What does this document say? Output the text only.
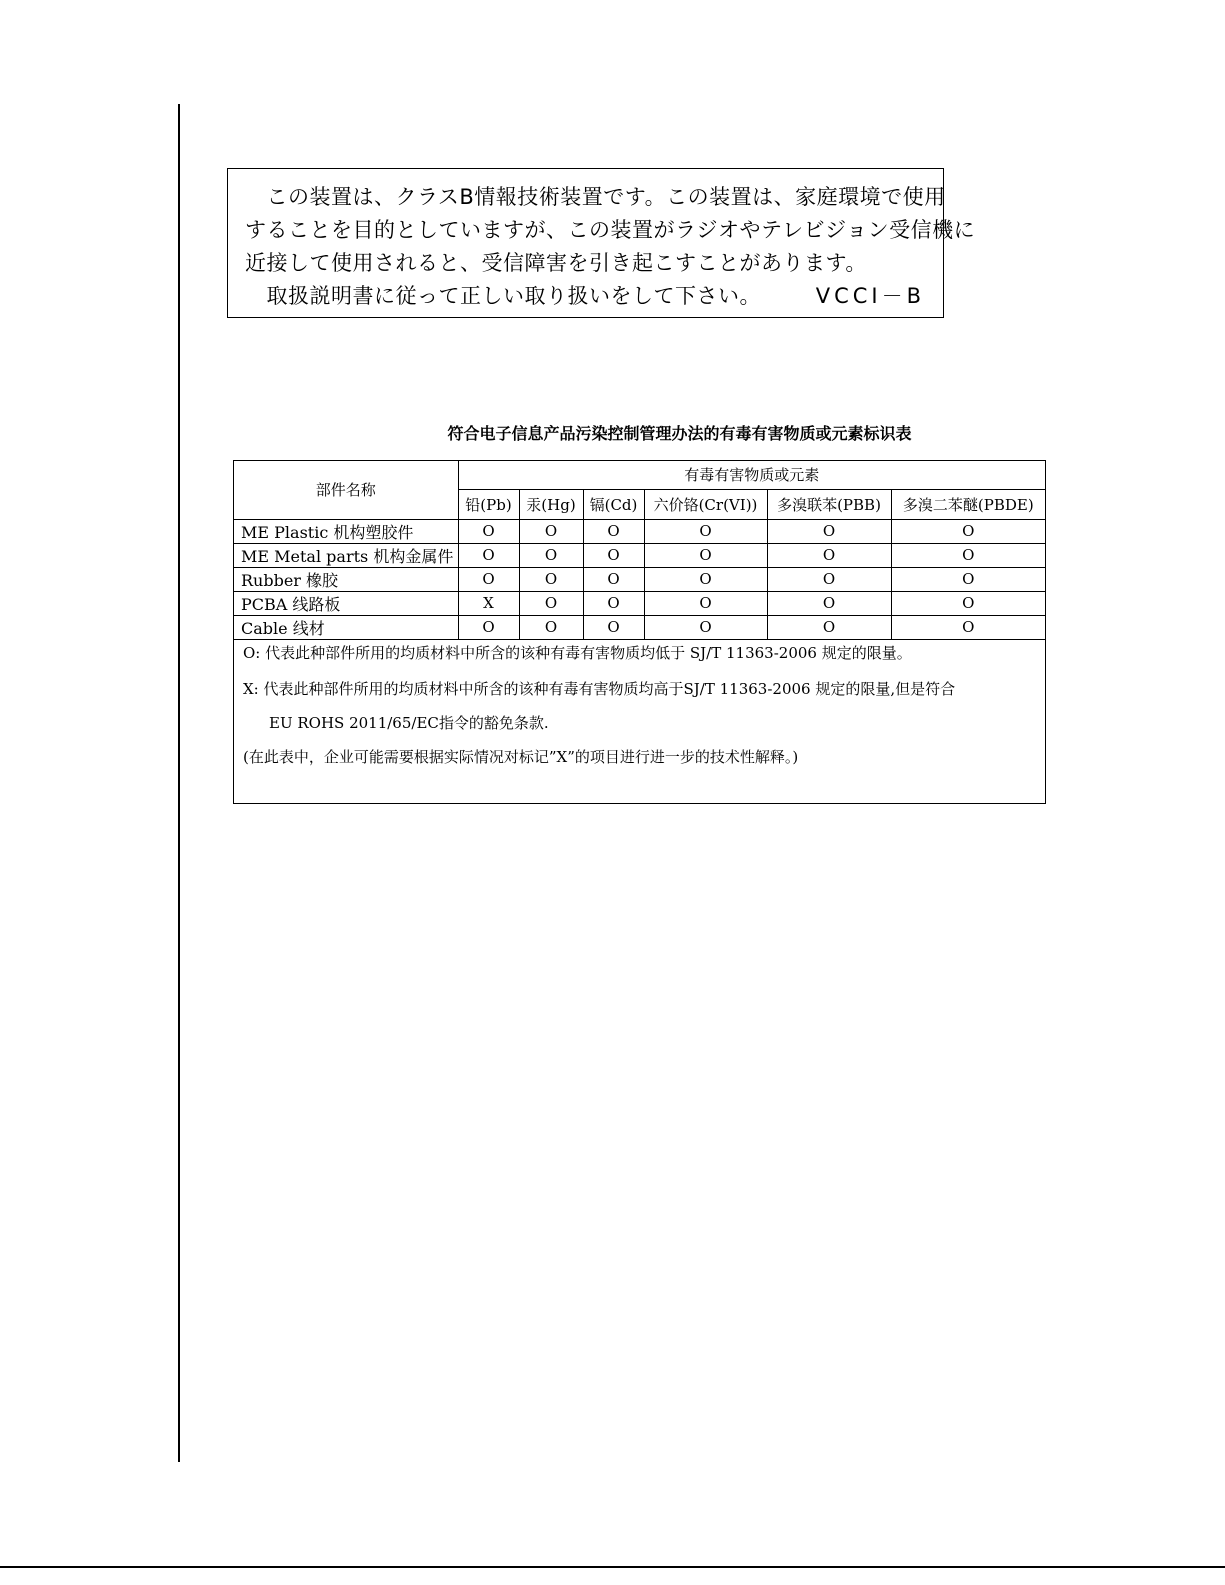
　この装置は、クラスB情報技術装置です。この装置は、家庭環境で使用
することを目的としていますが、この装置がラジオやテレビジョン受信機に
近接して使用されると、受信障害を引き起こすことがあります。
　取扱説明書に従って正しい取り扱いをして下さい。	VCCI－B
符合电子信息产品污染控制管理办法的有毒有害物质或元素标识表
部件名称	有毒有害物质或元素					
	铅(Pb)	汞(Hg)	镉(Cd)	六价铬(Cr(VI))	多溴联苯(PBB)	多溴二苯醚(PBDE)
ME Plastic 机构塑胶件	O	O	O	O	O	O
ME Metal parts 机构金属件	O	O	O	O	O	O
Rubber 橡胶	O	O	O	O	O	O
PCBA 线路板	X	O	O	O	O	O
Cable 线材	O	O	O	O	O	O
O: 代表此种部件所用的均质材料中所含的该种有毒有害物质均低于 SJ/T 11363-2006 规定的限量。
X: 代表此种部件所用的均质材料中所含的该种有毒有害物质均高于SJ/T 11363-2006 规定的限量,但是符合
EU ROHS 2011/65/EC指令的豁免条款.
(在此表中，企业可能需要根据实际情况对标记”X”的项目进行进一步的技术性解释。)
